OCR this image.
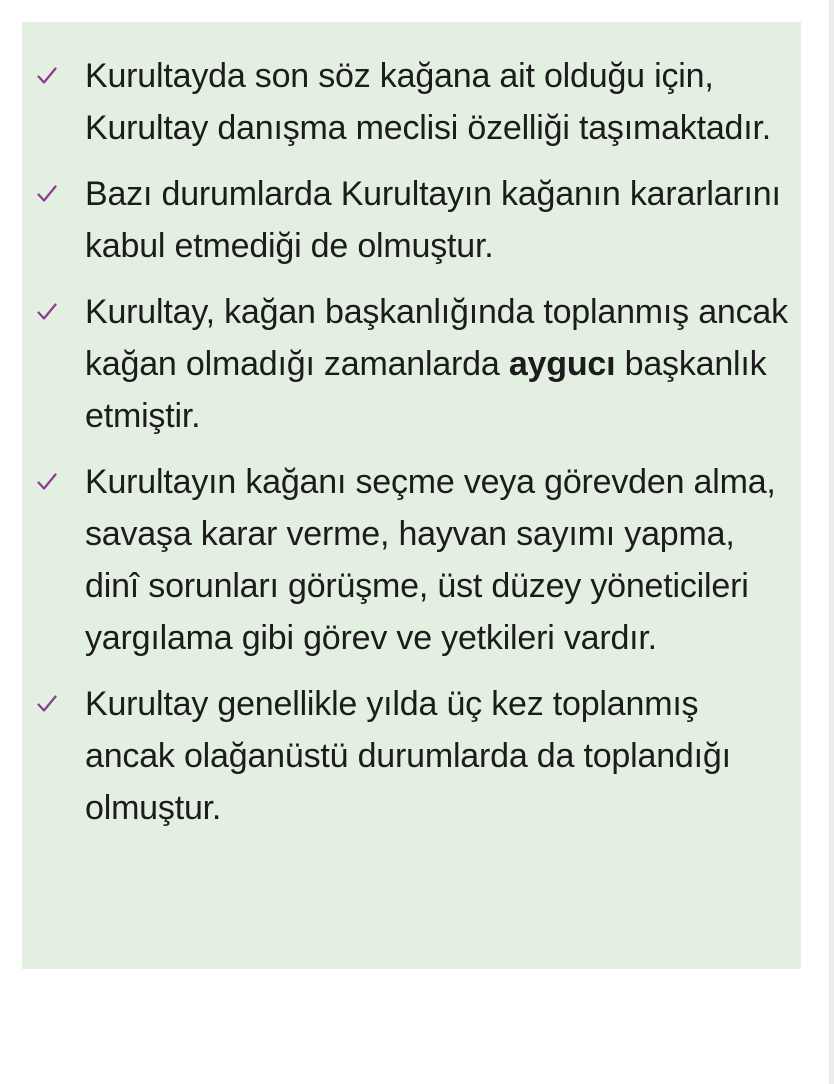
Kurultayda son söz kağana ait olduğu için, Kurultay danışma meclisi özelliği taşımaktadır.
Bazı durumlarda Kurultayın kağanın kararlarını kabul etmediği de olmuştur.
Kurultay, kağan başkanlığında toplanmış ancak kağan olmadığı zamanlarda aygucı başkanlık etmiştir.
Kurultayın kağanı seçme veya görevden alma, savaşa karar verme, hayvan sayımı yapma, dinî sorunları görüşme, üst düzey yöneticileri yargılama gibi görev ve yetkileri vardır.
Kurultay genellikle yılda üç kez toplanmış ancak olağanüstü durumlarda da toplandığı olmuştur.
